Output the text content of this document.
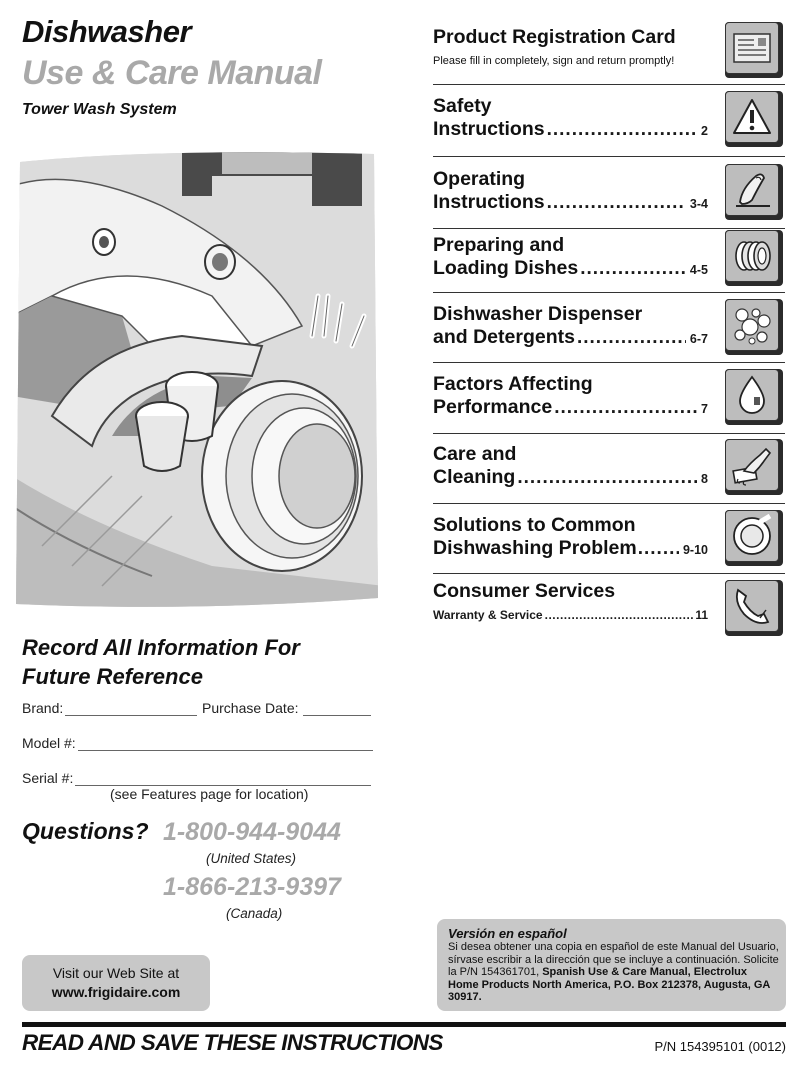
Dishwasher
Use & Care Manual
Tower Wash System
Product Registration Card
Please fill in completely, sign and return promptly!
Safety
Instructions .....	2
Operating
Instructions .....	3-4
Preparing and
Loading Dishes .....	4-5
Dishwasher Dispenser
and Detergents .....	6-7
Factors Affecting
Performance .....	7
Care and
Cleaning .....	8
Solutions to Common
Dishwashing Problem .....	9-10
Consumer Services
Warranty & Service .....	11
Record All Information For
Future Reference
Brand:	Purchase Date:
Model #:
Serial #:
(see Features page for location)
Questions? 1-800-944-9044
(United States)
1-866-213-9397
(Canada)
Visit our Web Site at
www.frigidaire.com
Versión en español
Si desea obtener una copia en español de este Manual del Usuario, sírvase escribir a la dirección que se incluye a continuación. Solicite la P/N 154361701, Spanish Use & Care Manual, Electrolux Home Products North America, P.O. Box 212378, Augusta, GA 30917.
READ AND SAVE THESE INSTRUCTIONS	P/N 154395101 (0012)
